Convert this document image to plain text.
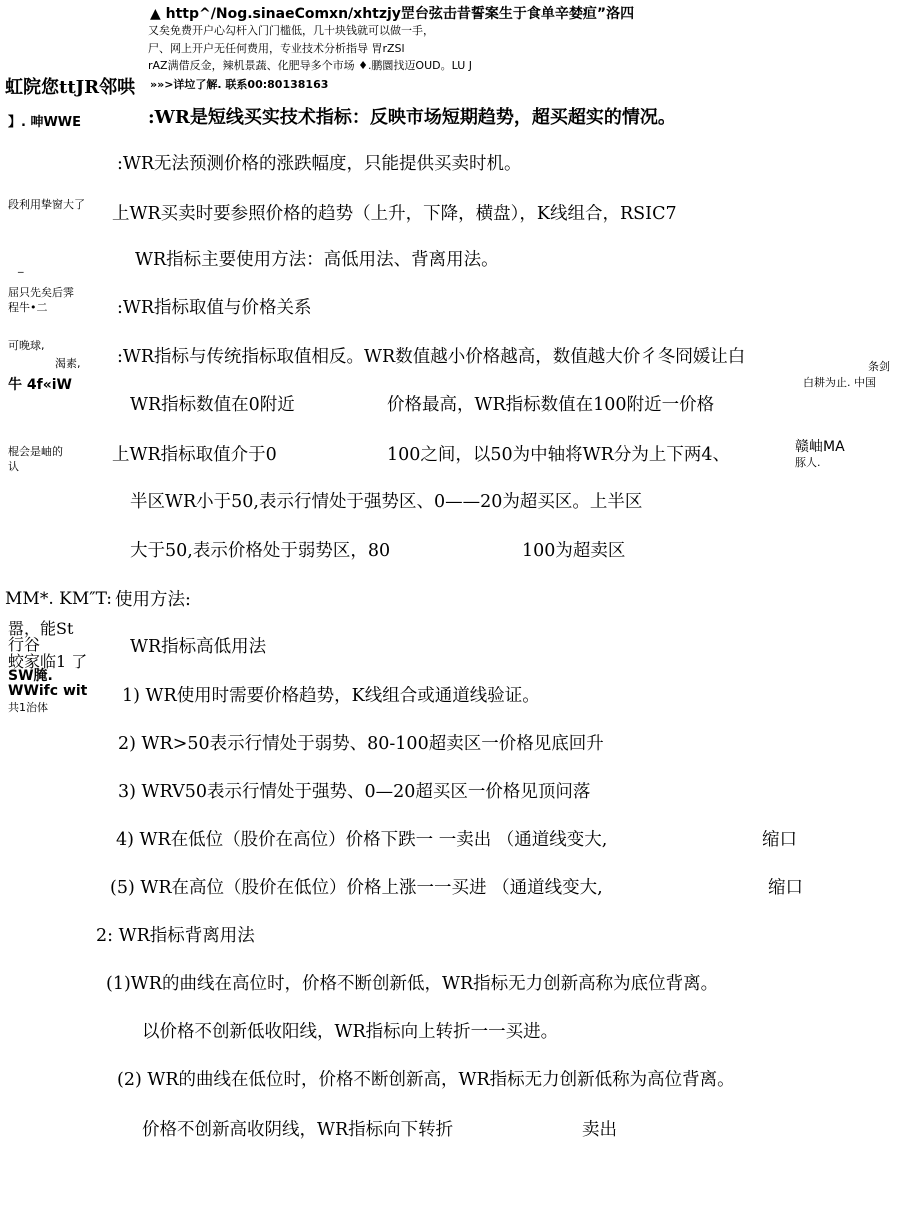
▲ http^/Nog.sinaeComxn/xhtzjy罡台弦击昔誓案生于食单辛婪疸”洛四
又矣免费开户心勾杆入门门槛低，几十块钱就可以做一手，
尸、网上开户无任何费用，专业技术分析指导 胃rZSl
rAZ满借反金，辣机景蔬、化肥导多个市场 ♦.鹏圜找迈OUD。LU J
»»>详垃了解. 联系00:80138163
虹院您ttJR邻哄
】. 呻WWE
段利用挚窗大了
_
屈只先矣后霁
程牛•二
可晚球,
渴素,
牛 4f«iW
棍会是岫的
认
MM*. KM″T:
嚣，能St
行谷
蛟家临1 了
SW腌.
WWifc wit
共1治体
条剑
白耕为止. 中国
赣岫MA
豚人.
:WR是短线买实技术指标：反映市场短期趋势，超买超实的情况。
:WR无法预测价格的涨跌幅度，只能提供买卖时机。
上WR买卖时要参照价格的趋势（上升，下降，横盘），K线组合，RSIC7
WR指标主要使用方法：高低用法、背离用法。
:WR指标取值与价格关系
:WR指标与传统指标取值相反。WR数值越小价格越高，数值越大价彳冬冏媛让白
WR指标数值在0附近	价格最高，WR指标数值在100附近一价格
上WR指标取值介于0	100之间，以50为中轴将WR分为上下两4、
半区WR小于50,表示行情处于强势区、0——20为超买区。上半区
大于50,表示价格处于弱势区，80	100为超卖区
使用方法:
WR指标高低用法
1) WR使用时需要价格趋势，K线组合或通道线验证。
2) WR>50表示行情处于弱势、80-100超卖区一价格见底回升
3) WRV50表示行情处于强势、0—20超买区一价格见顶问落
4) WR在低位（股价在高位）价格下跌一 一卖出 （通道线变大,	缩口
(5) WR在高位（股价在低位）价格上涨一一买进 （通道线变大,	缩口
2: WR指标背离用法
(1)WR的曲线在高位时，价格不断创新低，WR指标无力创新高称为底位背离。
以价格不创新低收阳线，WR指标向上转折一一买进。
(2) WR的曲线在低位时，价格不断创新高，WR指标无力创新低称为高位背离。
价格不创新高收阴线，WR指标向下转折	卖出
